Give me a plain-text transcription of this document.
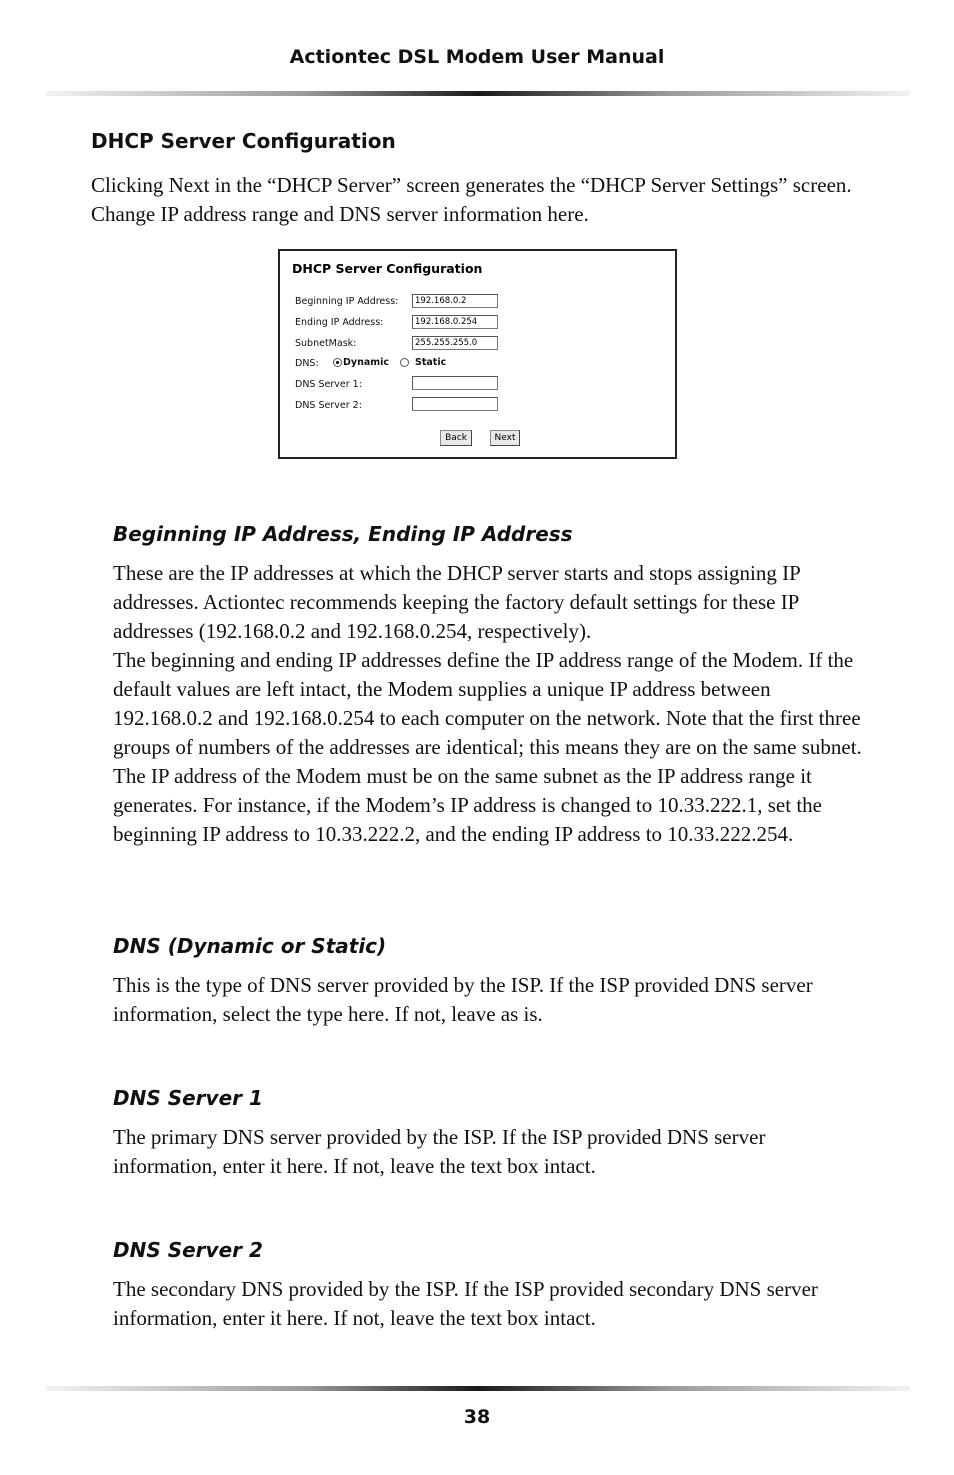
Actiontec DSL Modem User Manual
DHCP Server Configuration
Clicking Next in the “DHCP Server” screen generates the “DHCP Server Settings” screen. Change IP address range and DNS server information here.
DHCP Server Configuration
Beginning IP Address:	192.168.0.2
Ending IP Address:	192.168.0.254
SubnetMask:	255.255.255.0
DNS:	Dynamic	Static
DNS Server 1:
DNS Server 2:
Back	Next
Beginning IP Address, Ending IP Address

These are the IP addresses at which the DHCP server starts and stops assigning IP addresses. Actiontec recommends keeping the factory default settings for these IP addresses (192.168.0.2 and 192.168.0.254, respectively).

The beginning and ending IP addresses define the IP address range of the Modem. If the default values are left intact, the Modem supplies a unique IP address between 192.168.0.2 and 192.168.0.254 to each computer on the network. Note that the first three groups of numbers of the addresses are identical; this means they are on the same subnet. The IP address of the Modem must be on the same subnet as the IP address range it generates. For instance, if the Modem’s IP address is changed to 10.33.222.1, set the beginning IP address to 10.33.222.2, and the ending IP address to 10.33.222.254.

DNS (Dynamic or Static)

This is the type of DNS server provided by the ISP. If the ISP provided DNS server information, select the type here. If not, leave as is.

DNS Server 1

The primary DNS server provided by the ISP. If the ISP provided DNS server information, enter it here. If not, leave the text box intact.

DNS Server 2

The secondary DNS provided by the ISP. If the ISP provided secondary DNS server information, enter it here. If not, leave the text box intact.

38
